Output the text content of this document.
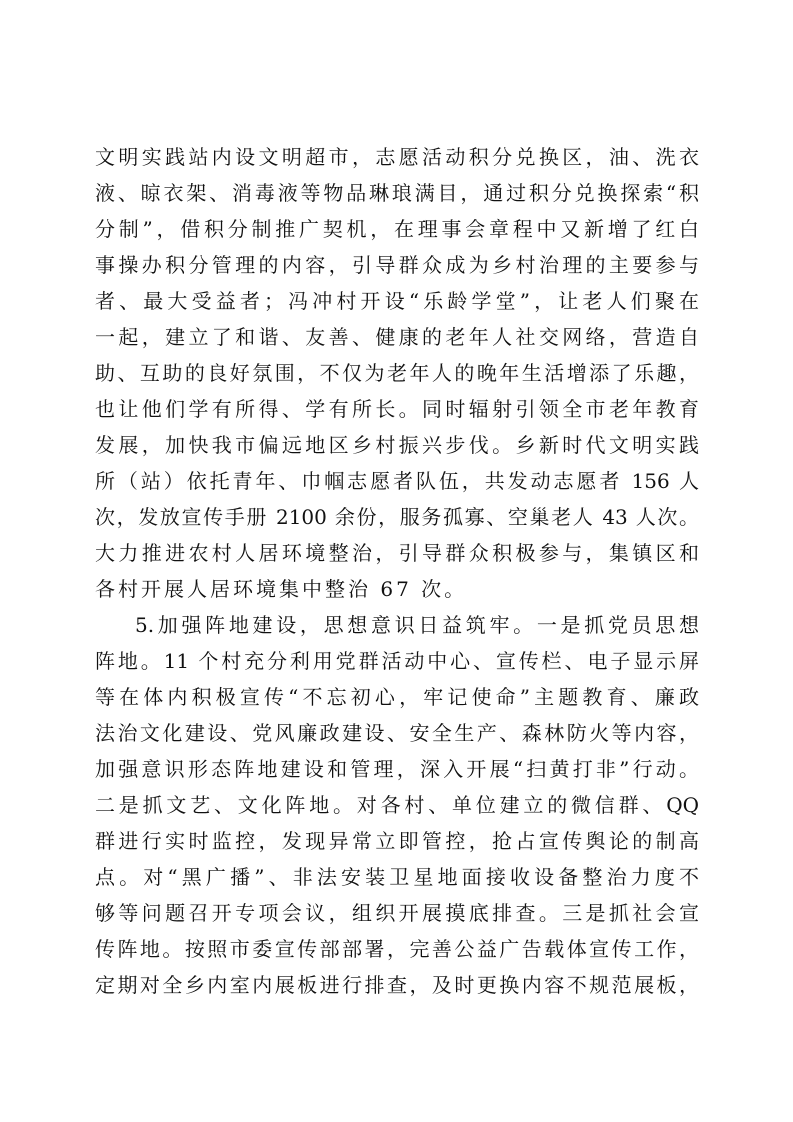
文明实践站内设文明超市，志愿活动积分兑换区，油、洗衣
液、晾衣架、消毒液等物品琳琅满目，通过积分兑换探索“积
分制”，借积分制推广契机，在理事会章程中又新增了红白
事操办积分管理的内容，引导群众成为乡村治理的主要参与
者、最大受益者；冯冲村开设“乐龄学堂”，让老人们聚在
一起，建立了和谐、友善、健康的老年人社交网络，营造自
助、互助的良好氛围，不仅为老年人的晚年生活增添了乐趣，
也让他们学有所得、学有所长。同时辐射引领全市老年教育
发展，加快我市偏远地区乡村振兴步伐。乡新时代文明实践
所（站）依托青年、巾帼志愿者队伍，共发动志愿者 156 人
次，发放宣传手册 2100 余份，服务孤寡、空巢老人 43 人次。
大力推进农村人居环境整治，引导群众积极参与，集镇区和
各村开展人居环境集中整治 67 次。
5.加强阵地建设，思想意识日益筑牢。一是抓党员思想
阵地。11 个村充分利用党群活动中心、宣传栏、电子显示屏
等在体内积极宣传“不忘初心，牢记使命”主题教育、廉政
法治文化建设、党风廉政建设、安全生产、森林防火等内容，
加强意识形态阵地建设和管理，深入开展“扫黄打非”行动。
二是抓文艺、文化阵地。对各村、单位建立的微信群、QQ
群进行实时监控，发现异常立即管控，抢占宣传舆论的制高
点。对“黑广播”、非法安装卫星地面接收设备整治力度不
够等问题召开专项会议，组织开展摸底排查。三是抓社会宣
传阵地。按照市委宣传部部署，完善公益广告载体宣传工作，
定期对全乡内室内展板进行排查，及时更换内容不规范展板，
